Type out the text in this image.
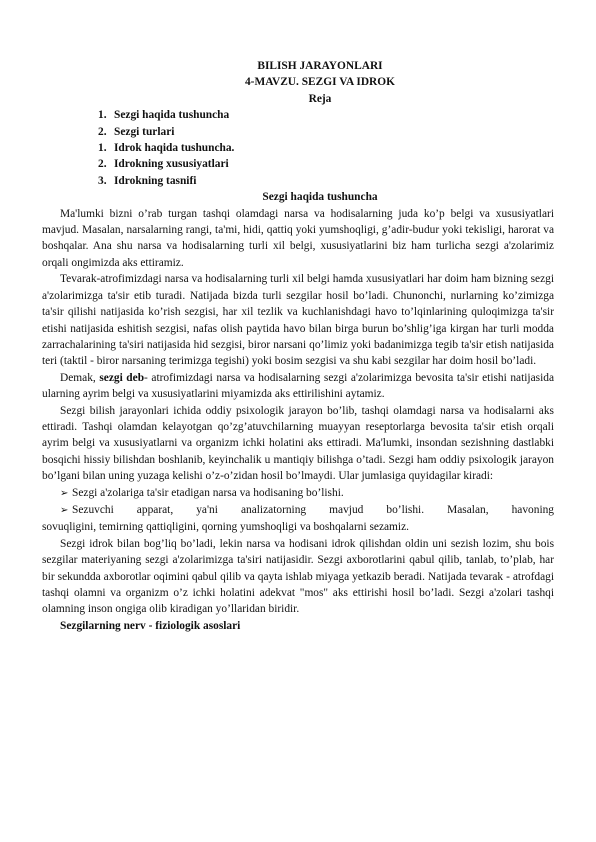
BILISH JARAYONLARI
4-MAVZU. SEZGI VA IDROK
Reja
1. Sezgi haqida tushuncha
2. Sezgi turlari
1. Idrok haqida tushuncha.
2. Idrokning xususiyatlari
3. Idrokning tasnifi
Sezgi haqida tushuncha

Ma'lumki bizni o’rab turgan tashqi olamdagi narsa va hodisalarning juda ko’p belgi va xususiyatlari mavjud. Masalan, narsalarning rangi, ta'mi, hidi, qattiq yoki yumshoqligi, g’adir-budur yoki tekisligi, harorat va boshqalar. Ana shu narsa va hodisalarning turli xil belgi, xususiyatlarini biz ham turlicha sezgi a'zolarimiz orqali ongimizda aks ettiramiz.

Tevarak-atrofimizdagi narsa va hodisalarning turli xil belgi hamda xususiyatlari har doim ham bizning sezgi a'zolarimizga ta'sir etib turadi. Natijada bizda turli sezgilar hosil bo’ladi. Chunonchi, nurlarning ko’zimizga ta'sir qilishi natijasida ko’rish sezgisi, har xil tezlik va kuchlanishdagi havo to’lqinlarining quloqimizga ta'sir etishi natijasida eshitish sezgisi, nafas olish paytida havo bilan birga burun bo’shlig’iga kirgan har turli modda zarrachalarining ta'siri natijasida hid sezgisi, biror narsani qo’limiz yoki badanimizga tegib ta'sir etish natijasida teri (taktil - biror narsaning terimizga tegishi) yoki bosim sezgisi va shu kabi sezgilar har doim hosil bo’ladi.

Demak, sezgi deb- atrofimizdagi narsa va hodisalarning sezgi a'zolarimizga bevosita ta'sir etishi natijasida ularning ayrim belgi va xususiyatlarini miyamizda aks ettirilishini aytamiz.

Sezgi bilish jarayonlari ichida oddiy psixologik jarayon bo’lib, tashqi olamdagi narsa va hodisalarni aks ettiradi. Tashqi olamdan kelayotgan qo’zg’atuvchilarning muayyan reseptorlarga bevosita ta'sir etish orqali ayrim belgi va xususiyatlarni va organizm ichki holatini aks ettiradi. Ma'lumki, insondan sezishning dastlabki bosqichi hissiy bilishdan boshlanib, keyinchalik u mantiqiy bilishga o’tadi. Sezgi ham oddiy psixologik jarayon bo’lgani bilan uning yuzaga kelishi o’z-o’zidan hosil bo’lmaydi. Ular jumlasiga quyidagilar kiradi:

➢ Sezgi a'zolariga ta'sir etadigan narsa va hodisaning bo’lishi.
➢ Sezuvchi apparat, ya'ni analizatorning mavjud bo’lishi. Masalan, havoning
sovuqligini, temirning qattiqligini, qorning yumshoqligi va boshqalarni sezamiz.

Sezgi idrok bilan bog’liq bo’ladi, lekin narsa va hodisani idrok qilishdan oldin uni sezish lozim, shu bois sezgilar materiyaning sezgi a'zolarimizga ta'siri natijasidir. Sezgi axborotlarini qabul qilib, tanlab, to’plab, har bir sekundda axborotlar oqimini qabul qilib va qayta ishlab miyaga yetkazib beradi. Natijada tevarak - atrofdagi tashqi olamni va organizm o’z ichki holatini adekvat "mos" aks ettirishi hosil bo’ladi. Sezgi a'zolari tashqi olamning inson ongiga olib kiradigan yo’llaridan biridir.

Sezgilarning nerv - fiziologik asoslari
